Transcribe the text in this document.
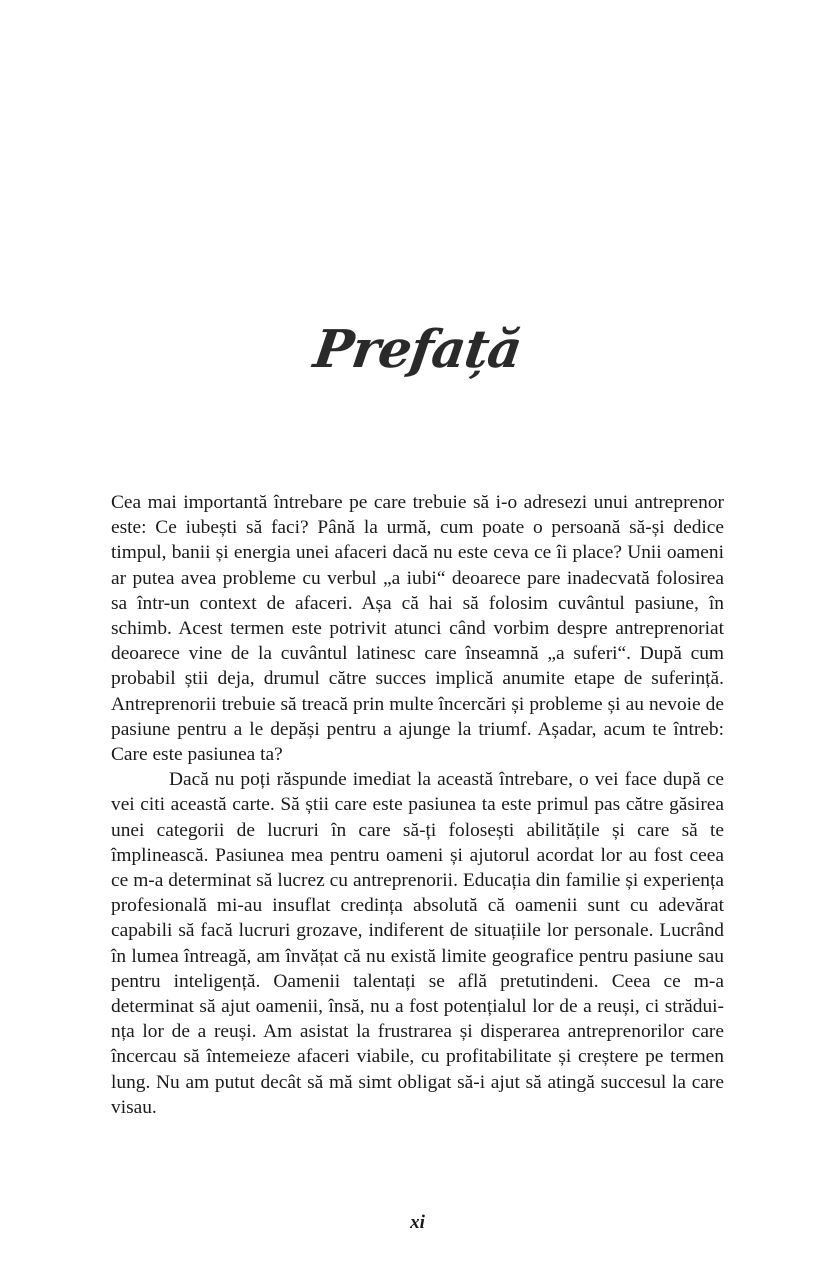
Prefață

Cea mai importantă întrebare pe care trebuie să i-o adresezi unui antreprenor este: Ce iubești să faci? Până la urmă, cum poate o persoană să-și dedice timpul, banii și energia unei afaceri dacă nu este ceva ce îi place? Unii oameni ar putea avea probleme cu verbul „a iubi“ deoarece pare inadecvată folosirea sa într-un context de afaceri. Așa că hai să folosim cuvântul pasiune, în schimb. Acest termen este potrivit atunci când vorbim despre antreprenoriat deoarece vine de la cuvântul latinesc care înseamnă „a suferi“. După cum probabil știi deja, drumul către succes implică anumite etape de suferință. Antreprenorii trebuie să treacă prin multe încercări și probleme și au nevoie de pasiune pentru a le depăși pentru a ajunge la triumf. Așadar, acum te întreb: Care este pasiunea ta?

Dacă nu poți răspunde imediat la această întrebare, o vei face după ce vei citi această carte. Să știi care este pasiunea ta este primul pas către găsirea unei categorii de lucruri în care să-ți folosești abilitățile și care să te împlinească. Pasiunea mea pentru oameni și ajutorul acordat lor au fost ceea ce m-a determinat să lucrez cu antreprenorii. Educația din familie și experiența profesională mi-au insuflat credința absolută că oamenii sunt cu adevărat capabili să facă lucruri grozave, indiferent de situațiile lor personale. Lucrând în lumea întreagă, am învățat că nu există limite geografice pentru pasiune sau pentru inteligență. Oamenii talentați se află pretutindeni. Ceea ce m-a determinat să ajut oamenii, însă, nu a fost potențialul lor de a reuși, ci străduința lor de a reuși. Am asistat la frustrarea și disperarea antreprenorilor care încercau să întemeieze afaceri viabile, cu profitabilitate și creștere pe termen lung. Nu am putut decât să mă simt obligat să-i ajut să atingă succesul la care visau.

xi
